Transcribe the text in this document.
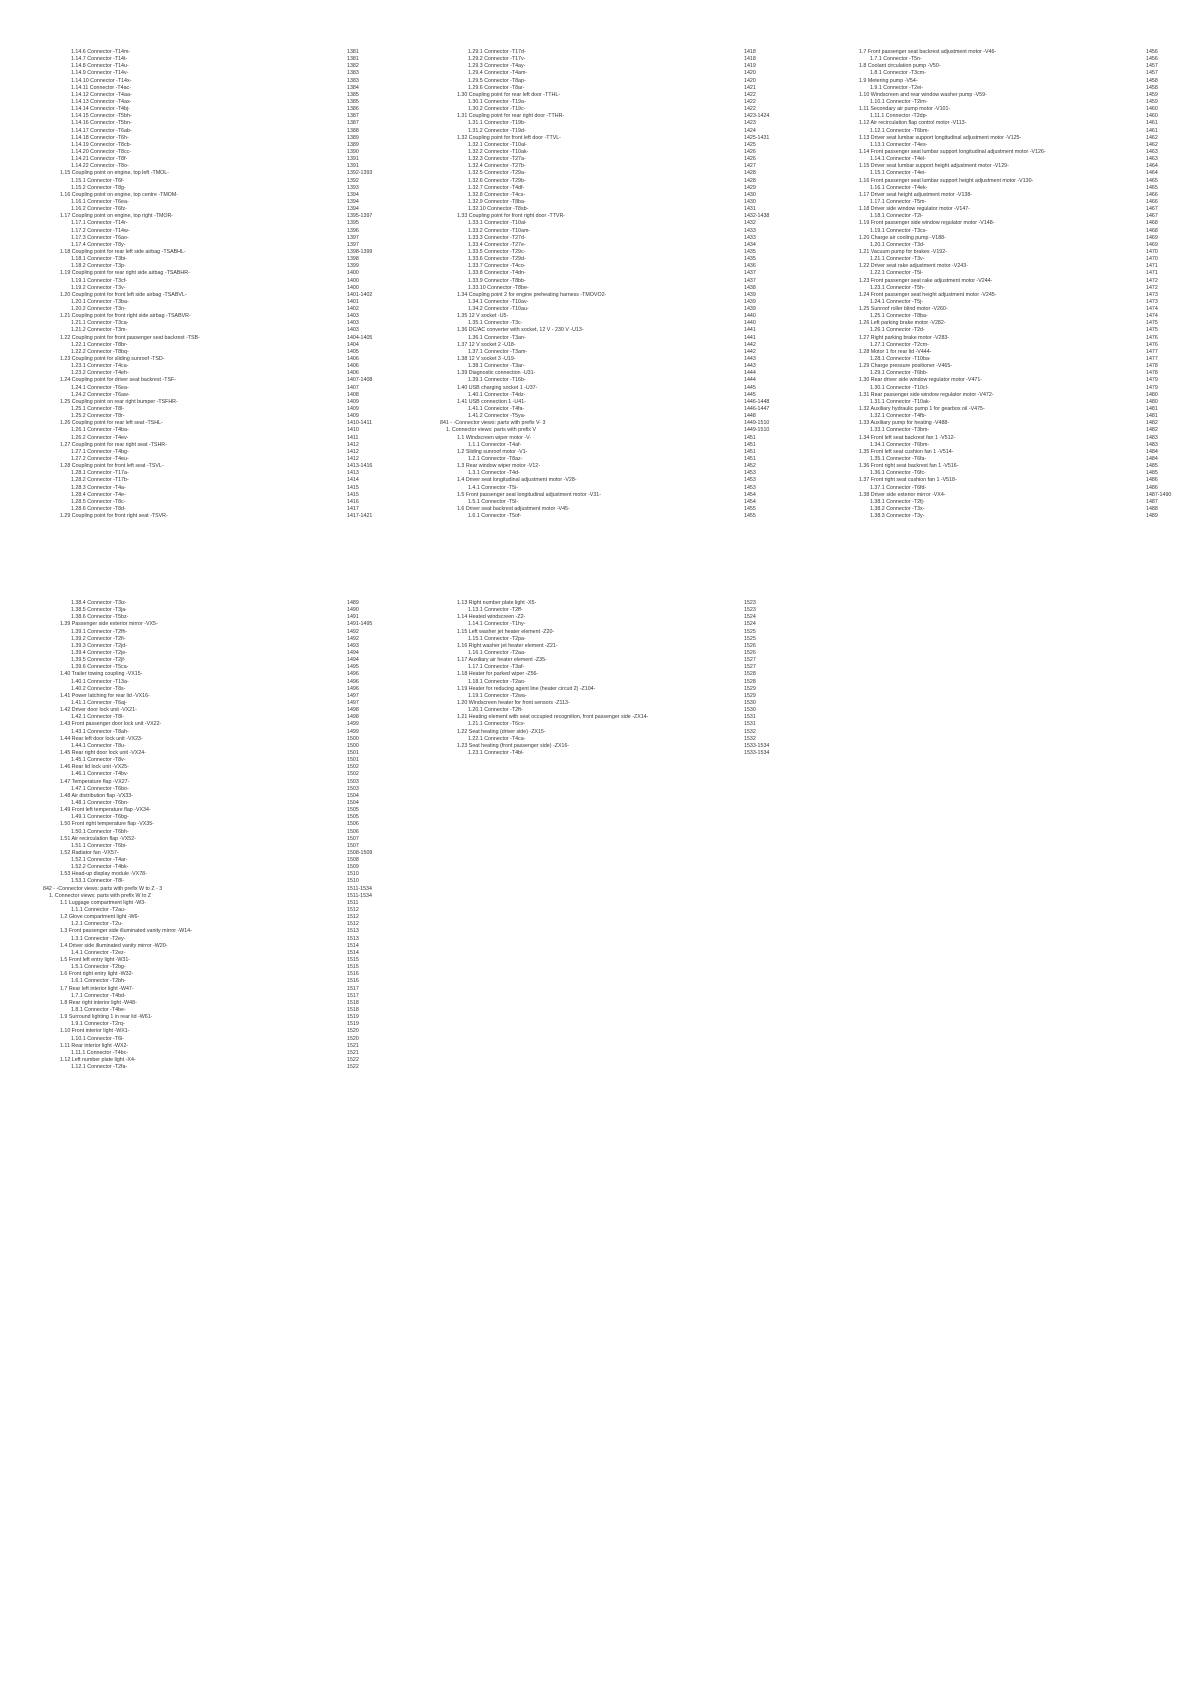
1.14.6 Connector -T14m-	1381
1.14.7 Connector -T14t-	1381
1.14.8 Connector -T14u-	1382
1.14.9 Connector -T14v-	1383
1.14.10 Connector -T14x-	1383
1.14.11 Connector -T4ac-	1384
1.14.12 Connector -T4aa-	1385
1.14.13 Connector -T4ax-	1385
1.14.14 Connector -T4bj-	1386
1.14.15 Connector -T5bh-	1387
1.14.16 Connector -T5bn-	1387
1.14.17 Connector -T6ab-	1388
1.14.18 Connector -T6h-	1389
1.14.19 Connector -T8cb-	1389
1.14.20 Connector -T8cc-	1390
1.14.21 Connector -T8f-	1391
1.14.22 Connector -T8o-	1391
1.15 Coupling point on engine, top left -TMOL-	1392-1393
1.15.1 Connector -T6f-	1392
1.15.2 Connector -T8g-	1393
1.16 Coupling point on engine, top centre -TMOM-	1394
1.16.1 Connector -T6ea-	1394
1.16.2 Connector -T6fz-	1394
1.17 Coupling point on engine, top right -TMOR-	1395-1397
1.17.1 Connector -T14r-	1395
1.17.2 Connector -T14w-	1396
1.17.3 Connector -T6ao-	1397
1.17.4 Connector -T8y-	1397
1.18 Coupling point for rear left side airbag -TSABHL-	1398-1399
1.18.1 Connector -T3bi-	1398
1.18.2 Connector -T3p-	1399
1.19 Coupling point for rear right side airbag -TSABHR-	1400
1.19.1 Connector -T3cf-	1400
1.19.2 Connector -T3v-	1400
1.20 Coupling point for front left side airbag -TSABVL-	1401-1402
1.20.1 Connector -T3ba-	1401
1.20.2 Connector -T3n-	1402
1.21 Coupling point for front right side airbag -TSABVR-	1403
1.21.1 Connector -T3ca-	1403
1.21.2 Connector -T3m-	1403
1.22 Coupling point for front passenger seat backrest -TSB-	1404-1405
1.22.1 Connector -T8br-	1404
1.22.2 Connector -T8bq-	1405
1.23 Coupling point for sliding sunroof -TSD-	1406
1.23.1 Connector -T4ca-	1406
1.23.2 Connector -T4eh-	1406
1.24 Coupling point for driver seat backrest -TSF-	1407-1408
1.24.1 Connector -T6ea-	1407
1.24.2 Connector -T6aw-	1408
1.25 Coupling point on rear right bumper -TSFHR-	1409
1.25.1 Connector -T8l-	1409
1.25.2 Connector -T8r-	1409
1.26 Coupling point for rear left seat -TSHL-	1410-1411
1.26.1 Connector -T4ba-	1410
1.26.2 Connector -T4ev-	1411
1.27 Coupling point for rear right seat -TSHR-	1412
1.27.1 Connector -T4bg-	1412
1.27.2 Connector -T4eu-	1412
1.28 Coupling point for front left seat -TSVL-	1413-1416
1.28.1 Connector -T17a-	1413
1.28.2 Connector -T17b-	1414
1.28.3 Connector -T4a-	1415
1.28.4 Connector -T4e-	1415
1.28.5 Connector -T8c-	1416
1.28.6 Connector -T8d-	1417
1.29 Coupling point for front right seat -TSVR-	1417-1421
1.29.1 Connector -T17d-	1418
1.29.2 Connector -T17v-	1418
1.29.3 Connector -T4ay-	1419
1.29.4 Connector -T4am-	1420
1.29.5 Connector -T8ap-	1420
1.29.6 Connector -T8ar-	1421
1.30 Coupling point for rear left door -TTHL-	1422
1.30.1 Connector -T19a-	1422
1.30.2 Connector -T19c-	1422
1.31 Coupling point for rear right door -TTHR-	1423-1424
1.31.1 Connector -T19b-	1423
1.31.2 Connector -T19d-	1424
1.32 Coupling point for front left door -TTVL-	1425-1431
1.32.1 Connector -T10al-	1425
1.32.2 Connector -T10ak-	1426
1.32.3 Connector -T27a-	1426
1.32.4 Connector -T27b-	1427
1.32.5 Connector -T29a-	1428
1.32.6 Connector -T29b-	1428
1.32.7 Connector -T4df-	1429
1.32.8 Connector -T4cs-	1430
1.32.9 Connector -T8ba-	1430
1.32.10 Connector -T8sb-	1431
1.33 Coupling point for front right door -TTVR-	1432-1438
1.33.1 Connector -T10al-	1432
1.33.2 Connector -T10am-	1433
1.33.3 Connector -T27d-	1433
1.33.4 Connector -T27e-	1434
1.33.5 Connector -T29c-	1435
1.33.6 Connector -T29d-	1435
1.33.7 Connector -T4co-	1436
1.33.8 Connector -T4dn-	1437
1.33.9 Connector -T8bb-	1437
1.33.10 Connector -T8be-	1438
1.34 Coupling point 2 for engine preheating harness -TMOVO2-	1439
1.34.1 Connector -T10av-	1439
1.34.2 Connector -T10au-	1439
1.35 12 V socket -U5-	1440
1.35.1 Connector -T3c-	1440
1.36 DC/AC converter with socket, 12 V - 230 V -U13-	1441
1.36.1 Connector -T3an-	1441
1.37 12 V socket 2 -U18-	1442
1.37.1 Connector -T3am-	1442
1.38 12 V socket 3 -U19-	1443
1.38.1 Connector -T3ar-	1443
1.39 Diagnostic connection -U31-	1444
1.39.1 Connector -T16b-	1444
1.40 USB charging socket 1 -U37-	1445
1.40.1 Connector -T4dz-	1445
1.41 USB connection 1 -U41-	1446-1448
1.41.1 Connector -T4fa-	1446-1447
1.41.2 Connector -T5ya-	1448
841 - -Connector views: parts with prefix V- 3	1449-1510
1. Connector views: parts with prefix V	1449-1510
1.1 Windscreen wiper motor -V-	1451
1.1.1 Connector -T4af-	1451
1.2 Sliding sunroof motor -V1-	1451
1.2.1 Connector -T8az-	1451
1.3 Rear window wiper motor -V12-	1452
1.3.1 Connector -T4d-	1453
1.4 Driver seat longitudinal adjustment motor -V28-	1453
1.4.1 Connector -T5i-	1453
1.5 Front passenger seat longitudinal adjustment motor -V31-	1454
1.5.1 Connector -T5l-	1454
1.6 Driver seat backrest adjustment motor -V45-	1455
1.6.1 Connector -T5of-	1455
1.7 Front passenger seat backrest adjustment motor -V46-	1456
1.7.1 Connector -T5n-	1456
1.8 Coolant circulation pump -V50-	1457
1.8.1 Connector -T3cm-	1457
1.9 Metering pump -V54-	1458
1.9.1 Connector -T2ei-	1458
1.10 Windscreen and rear window washer pump -V59-	1459
1.10.1 Connector -T2im-	1459
1.11 Secondary air pump motor -V101-	1460
1.11.1 Connector -T2dp-	1460
1.12 Air recirculation flap control motor -V113-	1461
1.12.1 Connector -T6bm-	1461
1.13 Driver seat lumbar support longitudinal adjustment motor -V125-	1462
1.13.1 Connector -T4es-	1462
1.14 Front passenger seat lumbar support longitudinal adjustment motor -V126-	1463
1.14.1 Connector -T4el-	1463
1.15 Driver seat lumbar support height adjustment motor -V129-	1464
1.15.1 Connector -T4ei-	1464
1.16 Front passenger seat lumbar support height adjustment motor -V130-	1465
1.16.1 Connector -T4ek-	1465
1.17 Driver seat height adjustment motor -V138-	1466
1.17.1 Connector -T5m-	1466
1.18 Driver side window regulator motor -V147-	1467
1.18.1 Connector -T2i-	1467
1.19 Front passenger side window regulator motor -V148-	1468
1.19.1 Connector -T3cs-	1468
1.20 Charge air cooling pump -V188-	1469
1.20.1 Connector -T3d-	1469
1.21 Vacuum pump for brakes -V192-	1470
1.21.1 Connector -T3v-	1470
1.22 Driver seat rake adjustment motor -V243-	1471
1.22.1 Connector -T5l-	1471
1.23 Front passenger seat rake adjustment motor -V244-	1472
1.23.1 Connector -T5h-	1472
1.24 Front passenger seat height adjustment motor -V245-	1473
1.24.1 Connector -T5j-	1473
1.25 Sunroof roller blind motor -V260-	1474
1.25.1 Connector -T8ba-	1474
1.26 Left parking brake motor -V282-	1475
1.26.1 Connector -T2d-	1475
1.27 Right parking brake motor -V283-	1476
1.27.1 Connector -T2cm-	1476
1.28 Motor 1 for rear lid -V444-	1477
1.28.1 Connector -T10ba-	1477
1.29 Charge pressure positioner -V465-	1478
1.29.1 Connector -T6bb-	1478
1.30 Rear driver side window regulator motor -V471-	1479
1.30.1 Connector -T10cl-	1479
1.31 Rear passenger side window regulator motor -V472-	1480
1.31.1 Connector -T10ak-	1480
1.32 Auxiliary hydraulic pump 1 for gearbox oil -V475-	1481
1.32.1 Connector -T4fb-	1481
1.33 Auxiliary pump for heating -V488-	1482
1.33.1 Connector -T3bm-	1482
1.34 Front left seat backrest fan 1 -V512-	1483
1.34.1 Connector -T6bm-	1483
1.35 Front left seat cushion fan 1 -V514-	1484
1.35.1 Connector -T6fa-	1484
1.36 Front right seat backrest fan 1 -V516-	1485
1.36.1 Connector -T6fc-	1485
1.37 Front right seat cushion fan 1 -V518-	1486
1.37.1 Connector -T6fd-	1486
1.38 Driver side exterior mirror -VX4-	1487-1490
1.38.1 Connector -T2fj-	1487
1.38.2 Connector -T3x-	1488
1.38.3 Connector -T3y-	1489
1.38.4 Connector -T3iz-	1489
1.38.5 Connector -T3ja-	1490
1.38.6 Connector -T5bz-	1491
1.39 Passenger side exterior mirror -VX5-	1491-1495
1.39.1 Connector -T2fh-	1492
1.39.2 Connector -T2fi-	1492
1.39.3 Connector -T2jd-	1493
1.39.4 Connector -T2je-	1494
1.39.5 Connector -T2jf-	1494
1.39.6 Connector -T5ca-	1495
1.40 Trailer towing coupling -VX15-	1496
1.40.1 Connector -T13a-	1496
1.40.2 Connector -T8s-	1496
1.41 Power latching for rear lid -VX16-	1497
1.41.1 Connector -T6aj-	1497
1.42 Driver door lock unit -VX21-	1498
1.42.1 Connector -T8l-	1498
1.43 Front passenger door lock unit -VX22-	1499
1.43.1 Connector -T8ah-	1499
1.44 Rear left door lock unit -VX23-	1500
1.44.1 Connector -T8u-	1500
1.45 Rear right door lock unit -VX24-	1501
1.45.1 Connector -T8v-	1501
1.46 Rear lid lock unit -VX25-	1502
1.46.1 Connector -T4bv-	1502
1.47 Temperature flap -VX27-	1503
1.47.1 Connector -T6bo-	1503
1.48 Air distribution flap -VX33-	1504
1.48.1 Connector -T6bn-	1504
1.49 Front left temperature flap -VX34-	1505
1.49.1 Connector -T6bg-	1505
1.50 Front right temperature flap -VX35-	1506
1.50.1 Connector -T6bh-	1506
1.51 Air recirculation flap -VX52-	1507
1.51.1 Connector -T6bi-	1507
1.52 Radiator fan -VX57-	1508-1509
1.52.1 Connector -T4ar-	1508
1.52.2 Connector -T4bk-	1509
1.53 Head-up display module -VX78-	1510
1.53.1 Connector -T8l-	1510
842 - -Connector views: parts with prefix W to Z - 3	1511-1534
1. Connector views: parts with prefix W to Z	1511-1534
1.1 Luggage compartment light -W3-	1511
1.1.1 Connector -T2au-	1512
1.2 Glove compartment light -W6-	1512
1.2.1 Connector -T2u-	1512
1.3 Front passenger side illuminated vanity mirror -W14-	1513
1.3.1 Connector -T2ey-	1513
1.4 Driver side illuminated vanity mirror -W20-	1514
1.4.1 Connector -T2ez-	1514
1.5 Front left entry light -W31-	1515
1.5.1 Connector -T2bg-	1515
1.6 Front right entry light -W32-	1516
1.6.1 Connector -T2bh-	1516
1.7 Rear left interior light -W47-	1517
1.7.1 Connector -T4bd-	1517
1.8 Rear right interior light -W48-	1518
1.8.1 Connector -T4be-	1518
1.9 Surround lighting 1 in rear lid -W61-	1519
1.9.1 Connector -T2rq-	1519
1.10 Front interior light -WX1-	1520
1.10.1 Connector -T6l-	1520
1.11 Rear interior light -WX2-	1521
1.11.1 Connector -T4bc-	1521
1.12 Left number plate light -X4-	1522
1.12.1 Connector -T2fa-	1522
1.13 Right number plate light -X5-	1523
1.13.1 Connector -T2ff-	1523
1.14 Heated windscreen -Z2-	1524
1.14.1 Connector -T1hy-	1524
1.15 Left washer jet heater element -Z20-	1525
1.15.1 Connector -T2pa-	1525
1.16 Right washer jet heater element -Z21-	1526
1.16.1 Connector -T2aa-	1526
1.17 Auxiliary air heater element -Z35-	1527
1.17.1 Connector -T3af-	1527
1.18 Heater for parked wiper -Z56-	1528
1.18.1 Connector -T2ao-	1528
1.19 Heater for reducing agent line (heater circuit 2) -Z104-	1529
1.19.1 Connector -T2wa-	1529
1.20 Windscreen heater for front sensors -Z113-	1530
1.20.1 Connector -T2ft-	1530
1.21 Heating element with seat occupied recognition, front passenger side -ZX14-	1531
1.21.1 Connector -T6cv-	1531
1.22 Seat heating (driver side) -ZX15-	1532
1.22.1 Connector -T4ca-	1532
1.23 Seat heating (front passenger side) -ZX16-	1533-1534
1.23.1 Connector -T4bl-	1533-1534
